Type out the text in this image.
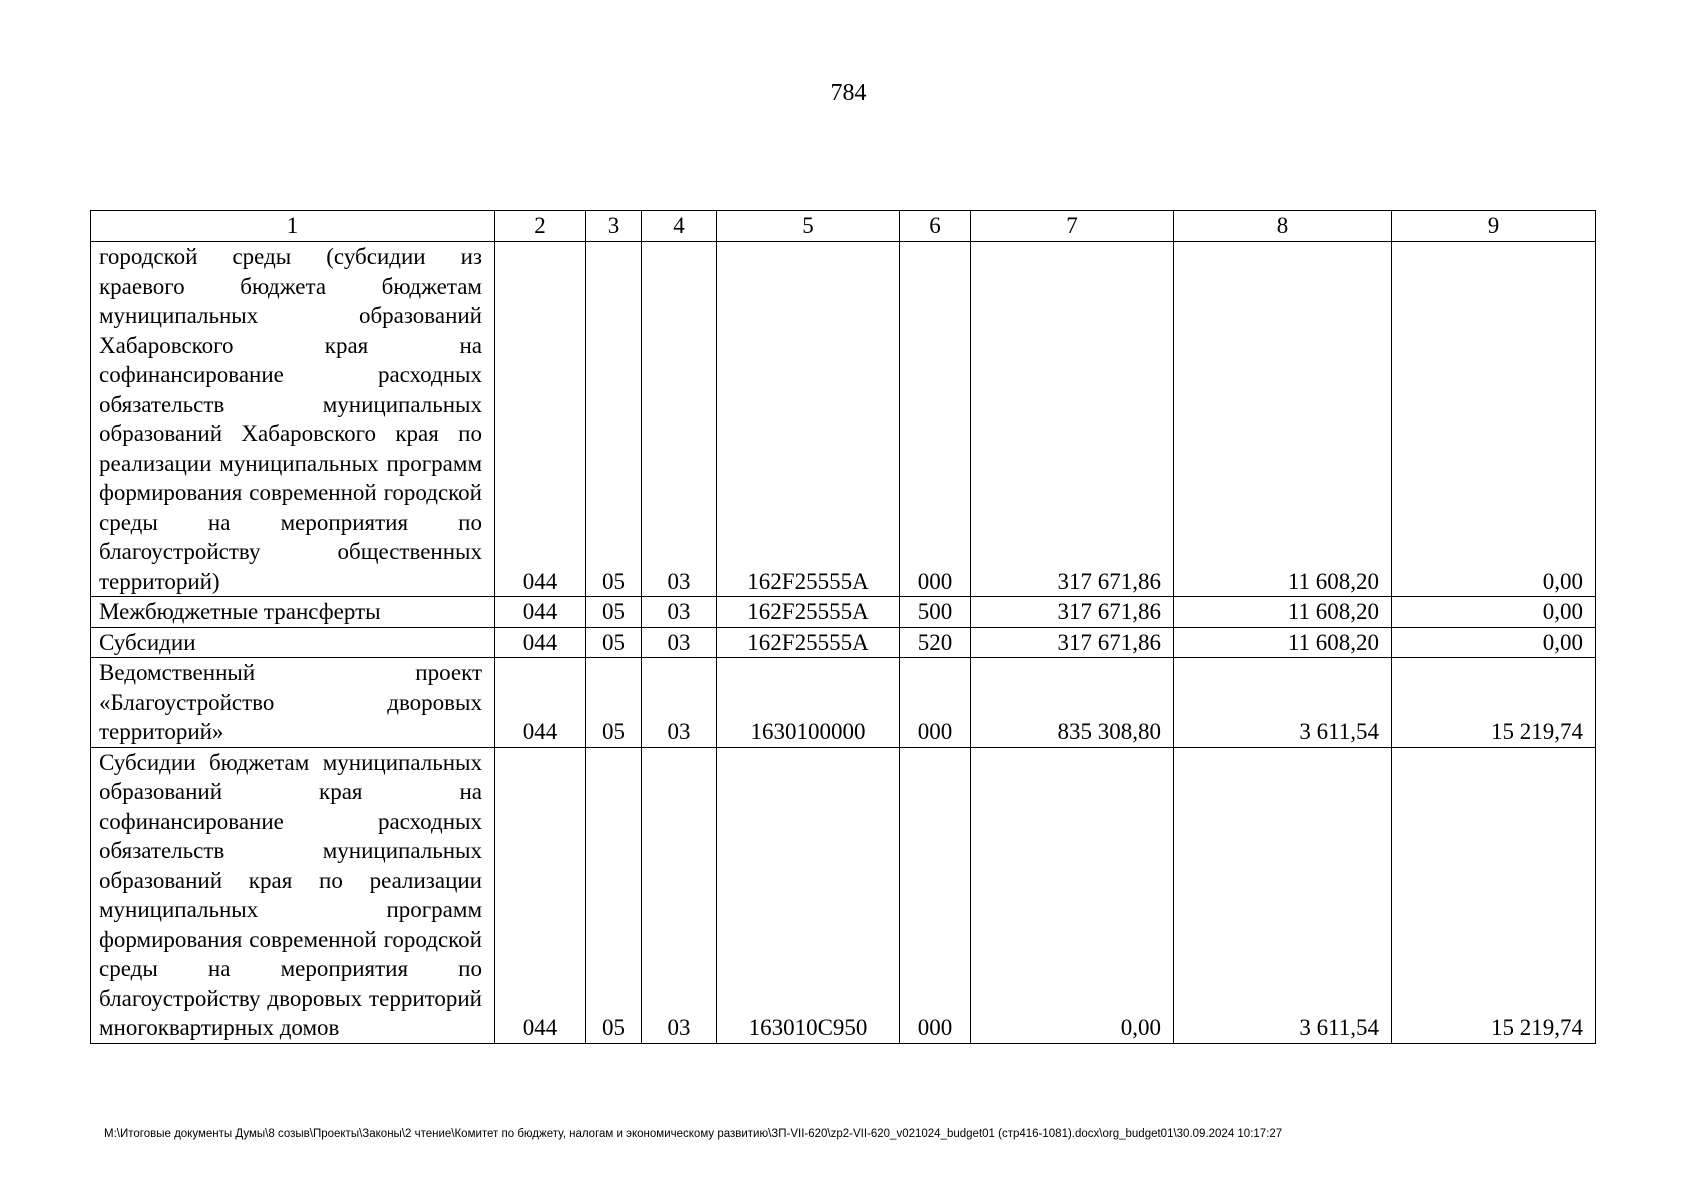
784
1	2	3	4	5	6	7	8	9
городской среды (субсидии из краевого бюджета бюджетам муниципальных образований Хабаровского края на софинансирование расходных обязательств муниципальных образований Хабаровского края по реализации муниципальных программ формирования современной городской среды на мероприятия по благоустройству общественных территорий)	044	05	03	162F25555A	000	317 671,86	11 608,20	0,00
Межбюджетные трансферты	044	05	03	162F25555A	500	317 671,86	11 608,20	0,00
Субсидии	044	05	03	162F25555A	520	317 671,86	11 608,20	0,00
Ведомственный проект «Благоустройство дворовых территорий»	044	05	03	1630100000	000	835 308,80	3 611,54	15 219,74
Субсидии бюджетам муниципальных образований края на софинансирование расходных обязательств муниципальных образований края по реализации муниципальных программ формирования современной городской среды на мероприятия по благоустройству дворовых территорий многоквартирных домов	044	05	03	163010C950	000	0,00	3 611,54	15 219,74
M:\Итоговые документы Думы\8 созыв\Проекты\Законы\2 чтение\Комитет по бюджету, налогам и экономическому развитию\ЗП-VII-620\zp2-VII-620_v021024_budget01 (стр416-1081).docx\org_budget01\30.09.2024 10:17:27
